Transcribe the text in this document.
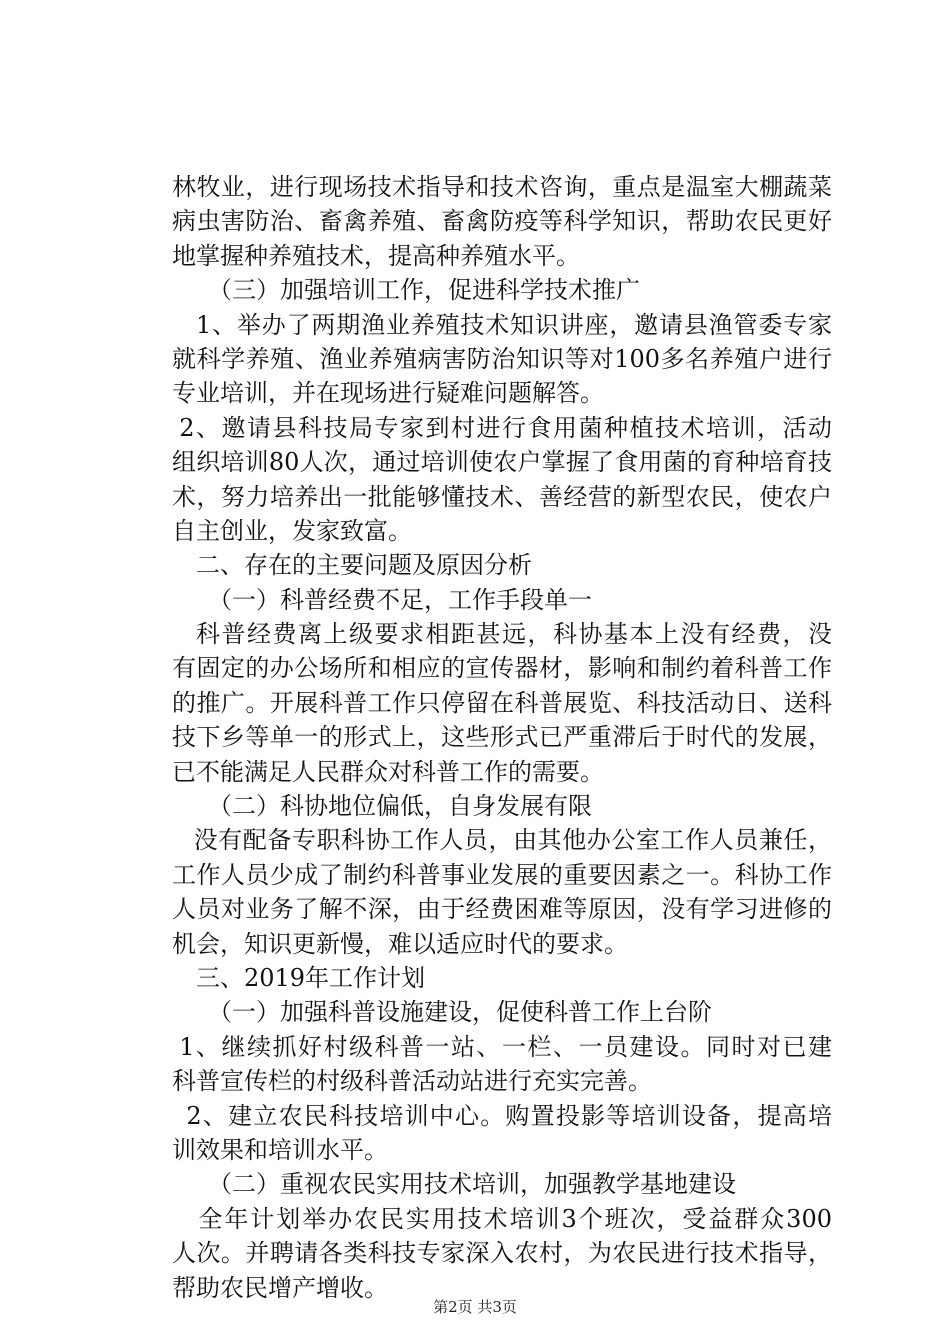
林牧业，进行现场技术指导和技术咨询，重点是温室大棚蔬菜
病虫害防治、畜禽养殖、畜禽防疫等科学知识，帮助农民更好
地掌握种养殖技术，提高种养殖水平。
（三）加强培训工作，促进科学技术推广
1、举办了两期渔业养殖技术知识讲座，邀请县渔管委专家
就科学养殖、渔业养殖病害防治知识等对100多名养殖户进行
专业培训，并在现场进行疑难问题解答。
2、邀请县科技局专家到村进行食用菌种植技术培训，活动
组织培训80人次，通过培训使农户掌握了食用菌的育种培育技
术，努力培养出一批能够懂技术、善经营的新型农民，使农户
自主创业，发家致富。
二、存在的主要问题及原因分析
（一）科普经费不足，工作手段单一
科普经费离上级要求相距甚远，科协基本上没有经费，没
有固定的办公场所和相应的宣传器材，影响和制约着科普工作
的推广。开展科普工作只停留在科普展览、科技活动日、送科
技下乡等单一的形式上，这些形式已严重滞后于时代的发展，
已不能满足人民群众对科普工作的需要。
（二）科协地位偏低，自身发展有限
没有配备专职科协工作人员，由其他办公室工作人员兼任，
工作人员少成了制约科普事业发展的重要因素之一。科协工作
人员对业务了解不深，由于经费困难等原因，没有学习进修的
机会，知识更新慢，难以适应时代的要求。
三、2019年工作计划
（一）加强科普设施建设，促使科普工作上台阶
1、继续抓好村级科普一站、一栏、一员建设。同时对已建
科普宣传栏的村级科普活动站进行充实完善。
2、建立农民科技培训中心。购置投影等培训设备，提高培
训效果和培训水平。
（二）重视农民实用技术培训，加强教学基地建设
全年计划举办农民实用技术培训3个班次，受益群众300
人次。并聘请各类科技专家深入农村，为农民进行技术指导，
帮助农民增产增收。
第2页 共3页
